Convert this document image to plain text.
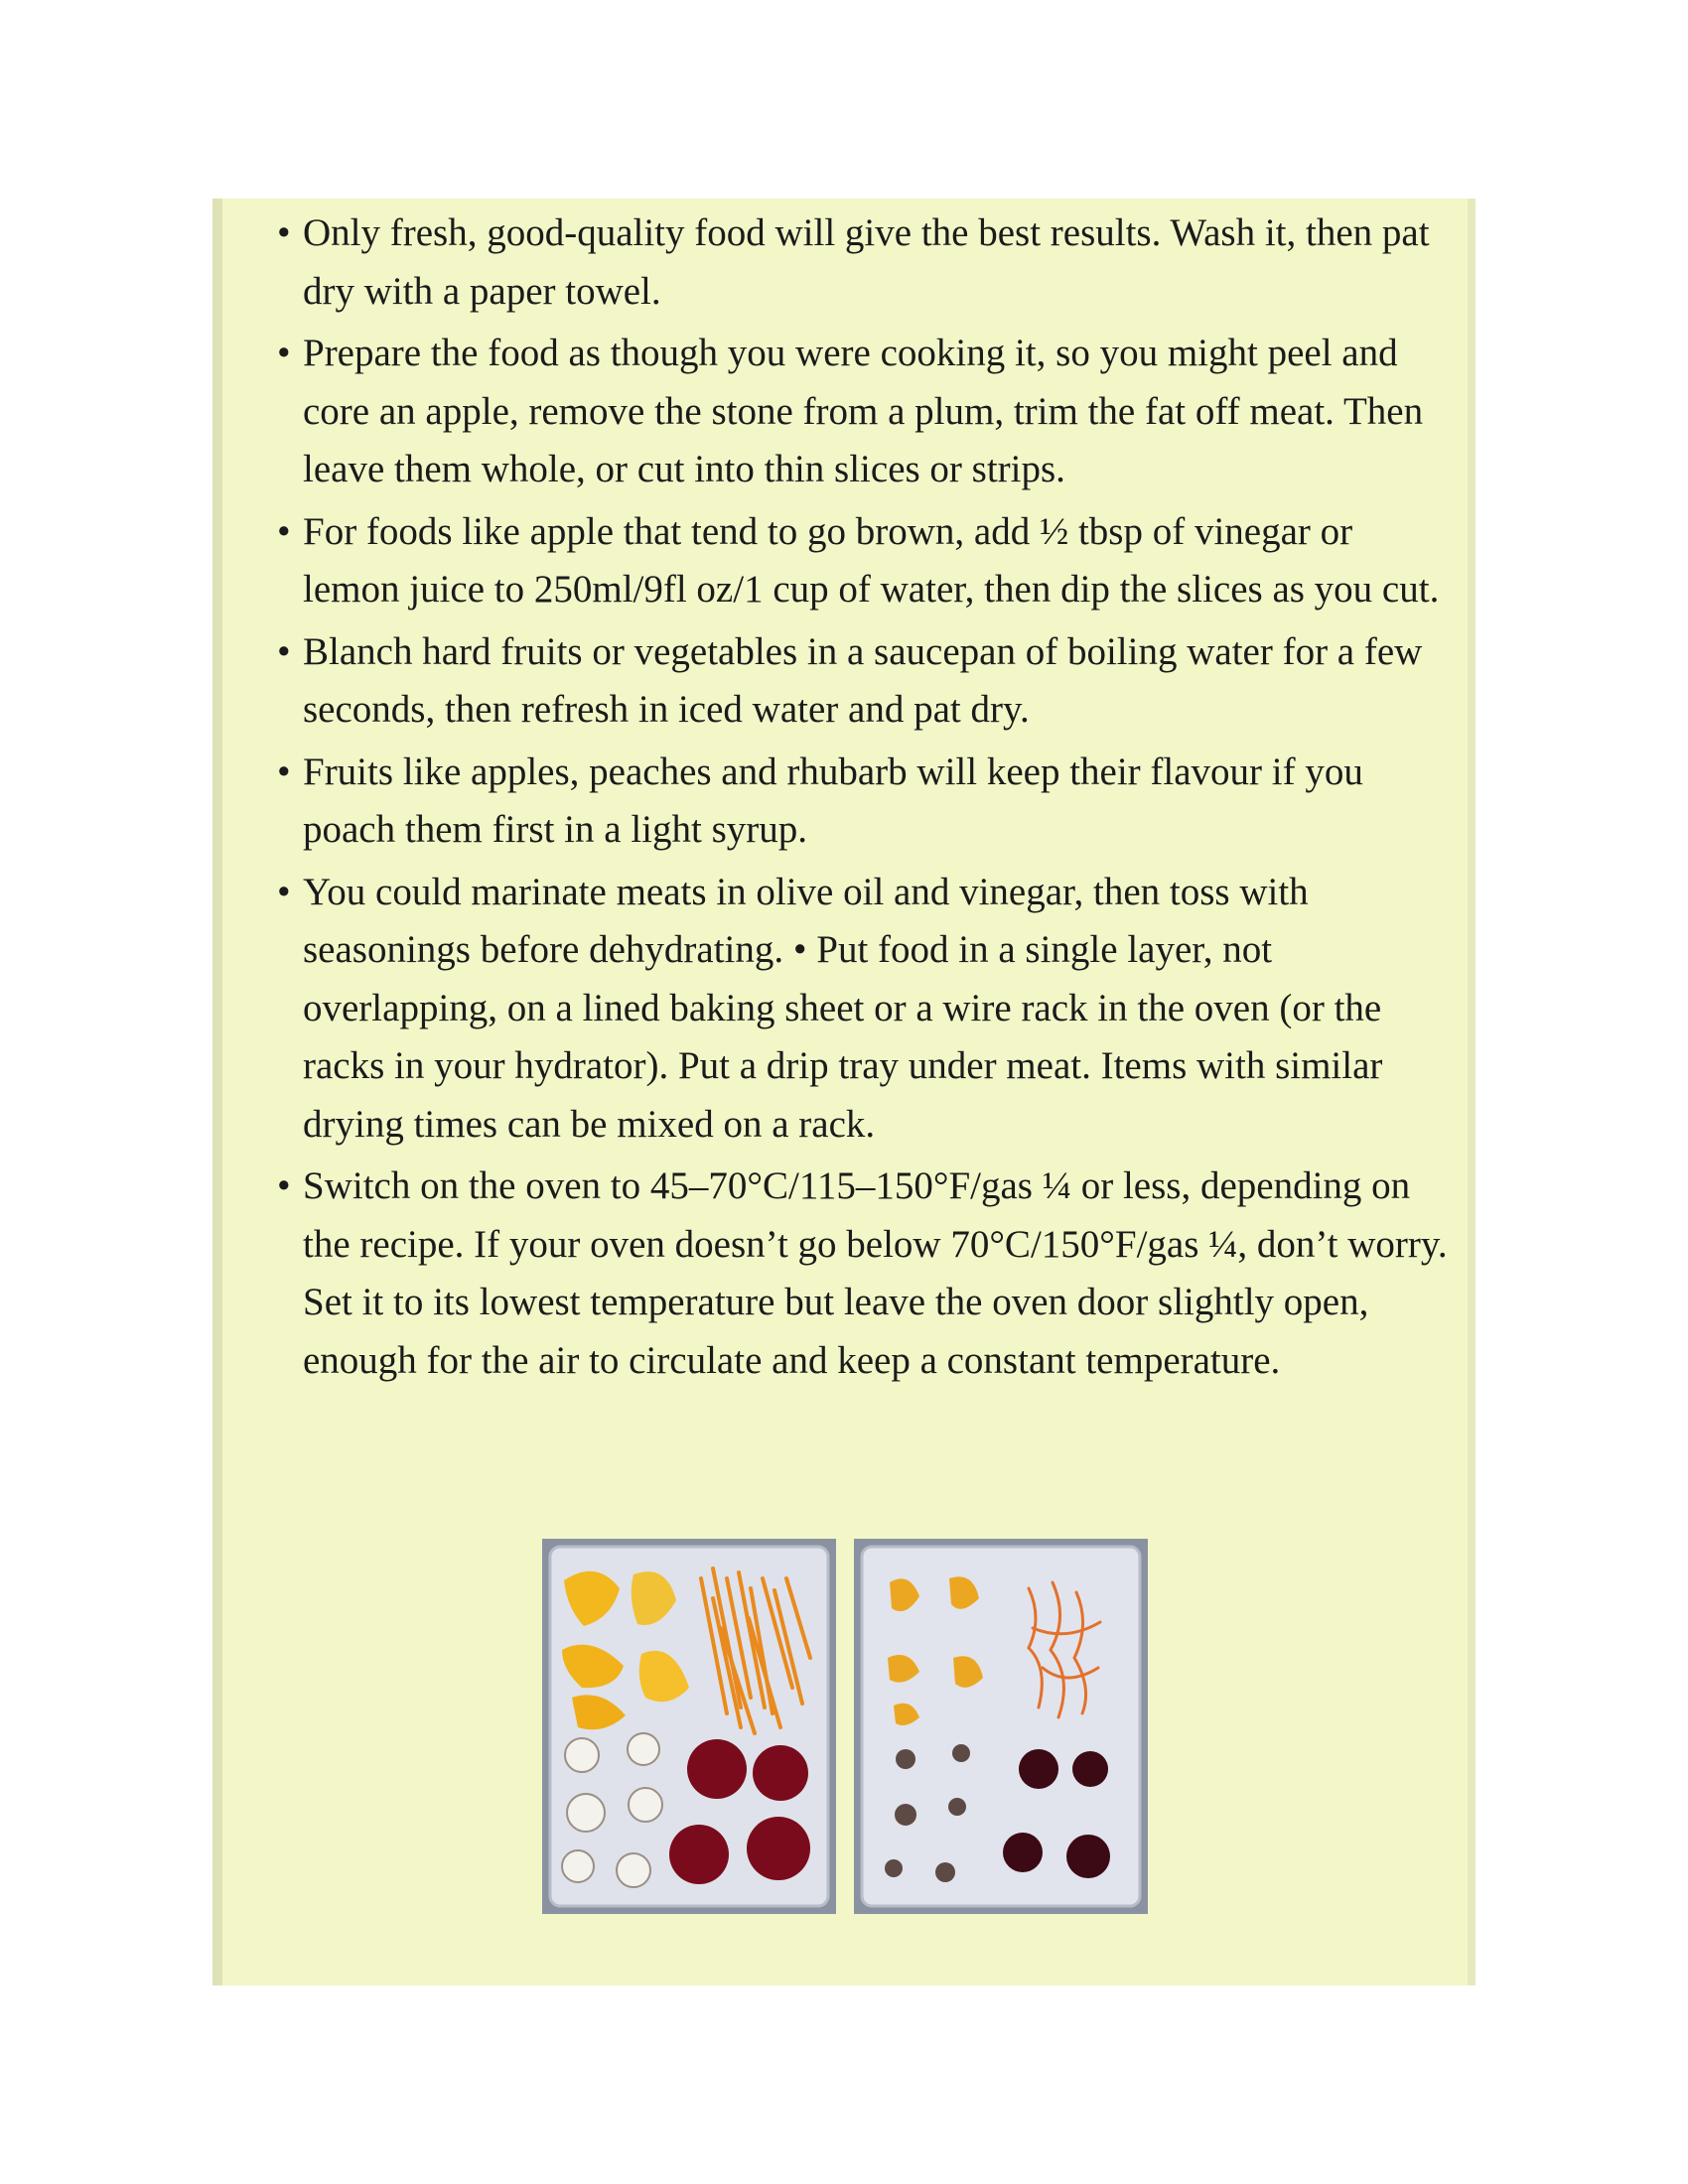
• Only fresh, good-quality food will give the best results. Wash it, then pat dry with a paper towel.
• Prepare the food as though you were cooking it, so you might peel and core an apple, remove the stone from a plum, trim the fat off meat. Then leave them whole, or cut into thin slices or strips.
• For foods like apple that tend to go brown, add ½ tbsp of vinegar or lemon juice to 250ml/9fl oz/1 cup of water, then dip the slices as you cut.
• Blanch hard fruits or vegetables in a saucepan of boiling water for a few seconds, then refresh in iced water and pat dry.
• Fruits like apples, peaches and rhubarb will keep their flavour if you poach them first in a light syrup.
• You could marinate meats in olive oil and vinegar, then toss with seasonings before dehydrating. • Put food in a single layer, not overlapping, on a lined baking sheet or a wire rack in the oven (or the racks in your hydrator). Put a drip tray under meat. Items with similar drying times can be mixed on a rack.
• Switch on the oven to 45–70°C/115–150°F/gas ¼ or less, depending on the recipe. If your oven doesn’t go below 70°C/150°F/gas ¼, don’t worry. Set it to its lowest temperature but leave the oven door slightly open, enough for the air to circulate and keep a constant temperature.
